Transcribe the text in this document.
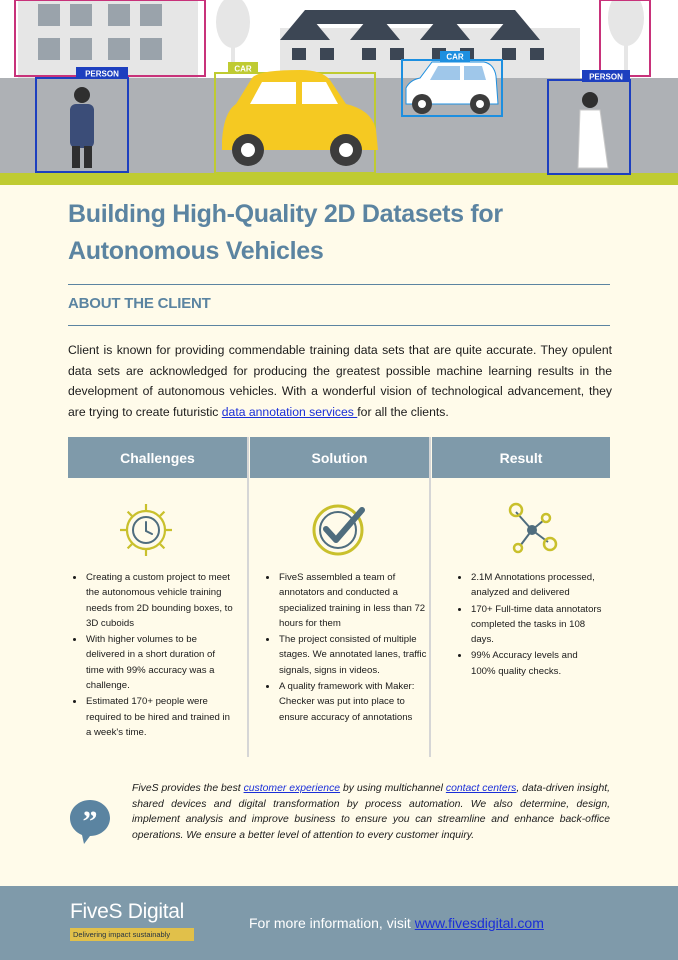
PERSON
CAR
CAR
PERSON
Building High-Quality 2D Datasets for Autonomous Vehicles
ABOUT THE CLIENT

Client is known for providing commendable training data sets that are quite accurate. They opulent data sets are acknowledged for producing the greatest possible machine learning results in the development of autonomous vehicles. With a wonderful vision of technological advancement, they are trying to create futuristic data annotation services for all the clients.

Challenges	Solution	Result
• Creating a custom project to meet the autonomous vehicle training needs from 2D bounding boxes, to 3D cuboids
• With higher volumes to be delivered in a short duration of time with 99% accuracy was a challenge.
• Estimated 170+ people were required to be hired and trained in a week's time.
• FiveS assembled a team of annotators and conducted a specialized training in less than 72 hours for them
• The project consisted of multiple stages. We annotated lanes, traffic signals, signs in videos.
• A quality framework with Maker: Checker was put into place to ensure accuracy of annotations
• 2.1M Annotations processed, analyzed and delivered
• 170+ Full-time data annotators completed the tasks in 108 days.
• 99% Accuracy levels and 100% quality checks.
”

FiveS provides the best customer experience by using multichannel contact centers, data-driven insight, shared devices and digital transformation by process automation. We also determine, design, implement analysis and improve business to ensure you can streamline and enhance back-office operations. We ensure a better level of attention to every customer inquiry.

FiveS Digital
Delivering impact sustainably
For more information, visit www.fivesdigital.com
